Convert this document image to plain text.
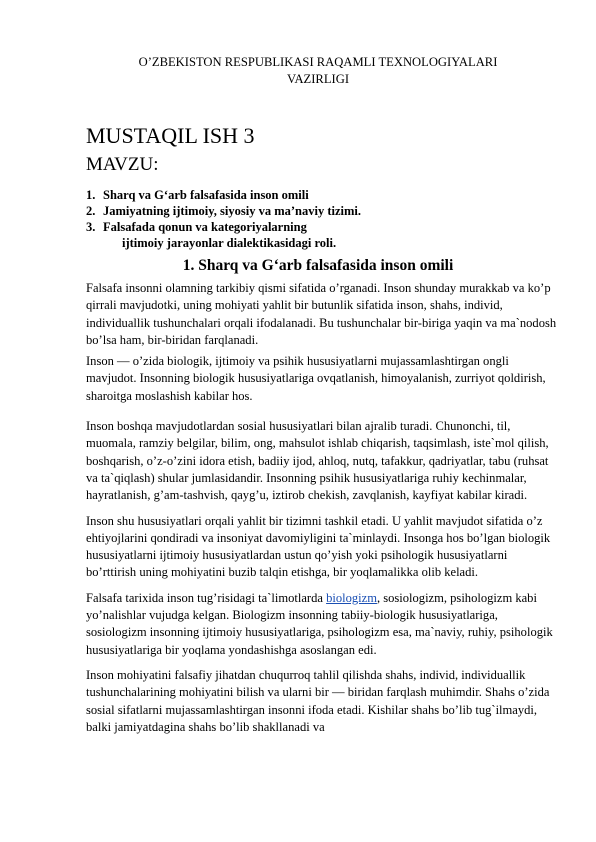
O’ZBEKISTON RESPUBLIKASI RAQAMLI TEXNOLOGIYALARI
VAZIRLIGI
MUSTAQIL ISH 3
MAVZU:
1. Sharq va G‘arb falsafasida inson omili
2. Jamiyatning ijtimoiy, siyosiy va ma’naviy tizimi.
3. Falsafada qonun va kategoriyalarning
ijtimoiy jarayonlar dialektikasidagi roli.
1. Sharq va G‘arb falsafasida inson omili

Falsafa insonni olamning tarkibiy qismi sifatida o’rganadi. Inson shunday murakkab va ko’p qirrali mavjudotki, uning mohiyati yahlit bir butunlik sifatida inson, shahs, individ, individuallik tushunchalari orqali ifodalanadi. Bu tushunchalar bir-biriga yaqin va ma`nodosh bo’lsa ham, bir-biridan farqlanadi.

Inson — o’zida biologik, ijtimoiy va psihik hususiyatlarni mujassamlashtirgan ongli mavjudot. Insonning biologik hususiyatlariga ovqatlanish, himoyalanish, zurriyot qoldirish, sharoitga moslashish kabilar hos.

Inson boshqa mavjudotlardan sosial hususiyatlari bilan ajralib turadi. Chunonchi, til, muomala, ramziy belgilar, bilim, ong, mahsulot ishlab chiqarish, taqsimlash, iste`mol qilish, boshqarish, o’z-o’zini idora etish, badiiy ijod, ahloq, nutq, tafakkur, qadriyatlar, tabu (ruhsat va ta`qiqlash) shular jumlasidandir. Insonning psihik hususiyatlariga ruhiy kechinmalar, hayratlanish, g’am-tashvish, qayg’u, iztirob chekish, zavqlanish, kayfiyat kabilar kiradi.

Inson shu hususiyatlari orqali yahlit bir tizimni tashkil etadi. U yahlit mavjudot sifatida o’z ehtiyojlarini qondiradi va insoniyat davomiyligini ta`minlaydi. Insonga hos bo’lgan biologik hususiyatlarni ijtimoiy hususiyatlardan ustun qo’yish yoki psihologik hususiyatlarni bo’rttirish uning mohiyatini buzib talqin etishga, bir yoqlamalikka olib keladi.

Falsafa tarixida inson tug’risidagi ta`limotlarda biologizm, sosiologizm, psihologizm kabi yo’nalishlar vujudga kelgan. Biologizm insonning tabiiy-biologik hususiyatlariga, sosiologizm insonning ijtimoiy hususiyatlariga, psihologizm esa, ma`naviy, ruhiy, psihologik hususiyatlariga bir yoqlama yondashishga asoslangan edi.

Inson mohiyatini falsafiy jihatdan chuqurroq tahlil qilishda shahs, individ, individuallik tushunchalarining mohiyatini bilish va ularni bir — biridan farqlash muhimdir. Shahs o’zida sosial sifatlarni mujassamlashtirgan insonni ifoda etadi. Kishilar shahs bo’lib tug`ilmaydi, balki jamiyatdagina shahs bo’lib shakllanadi va
